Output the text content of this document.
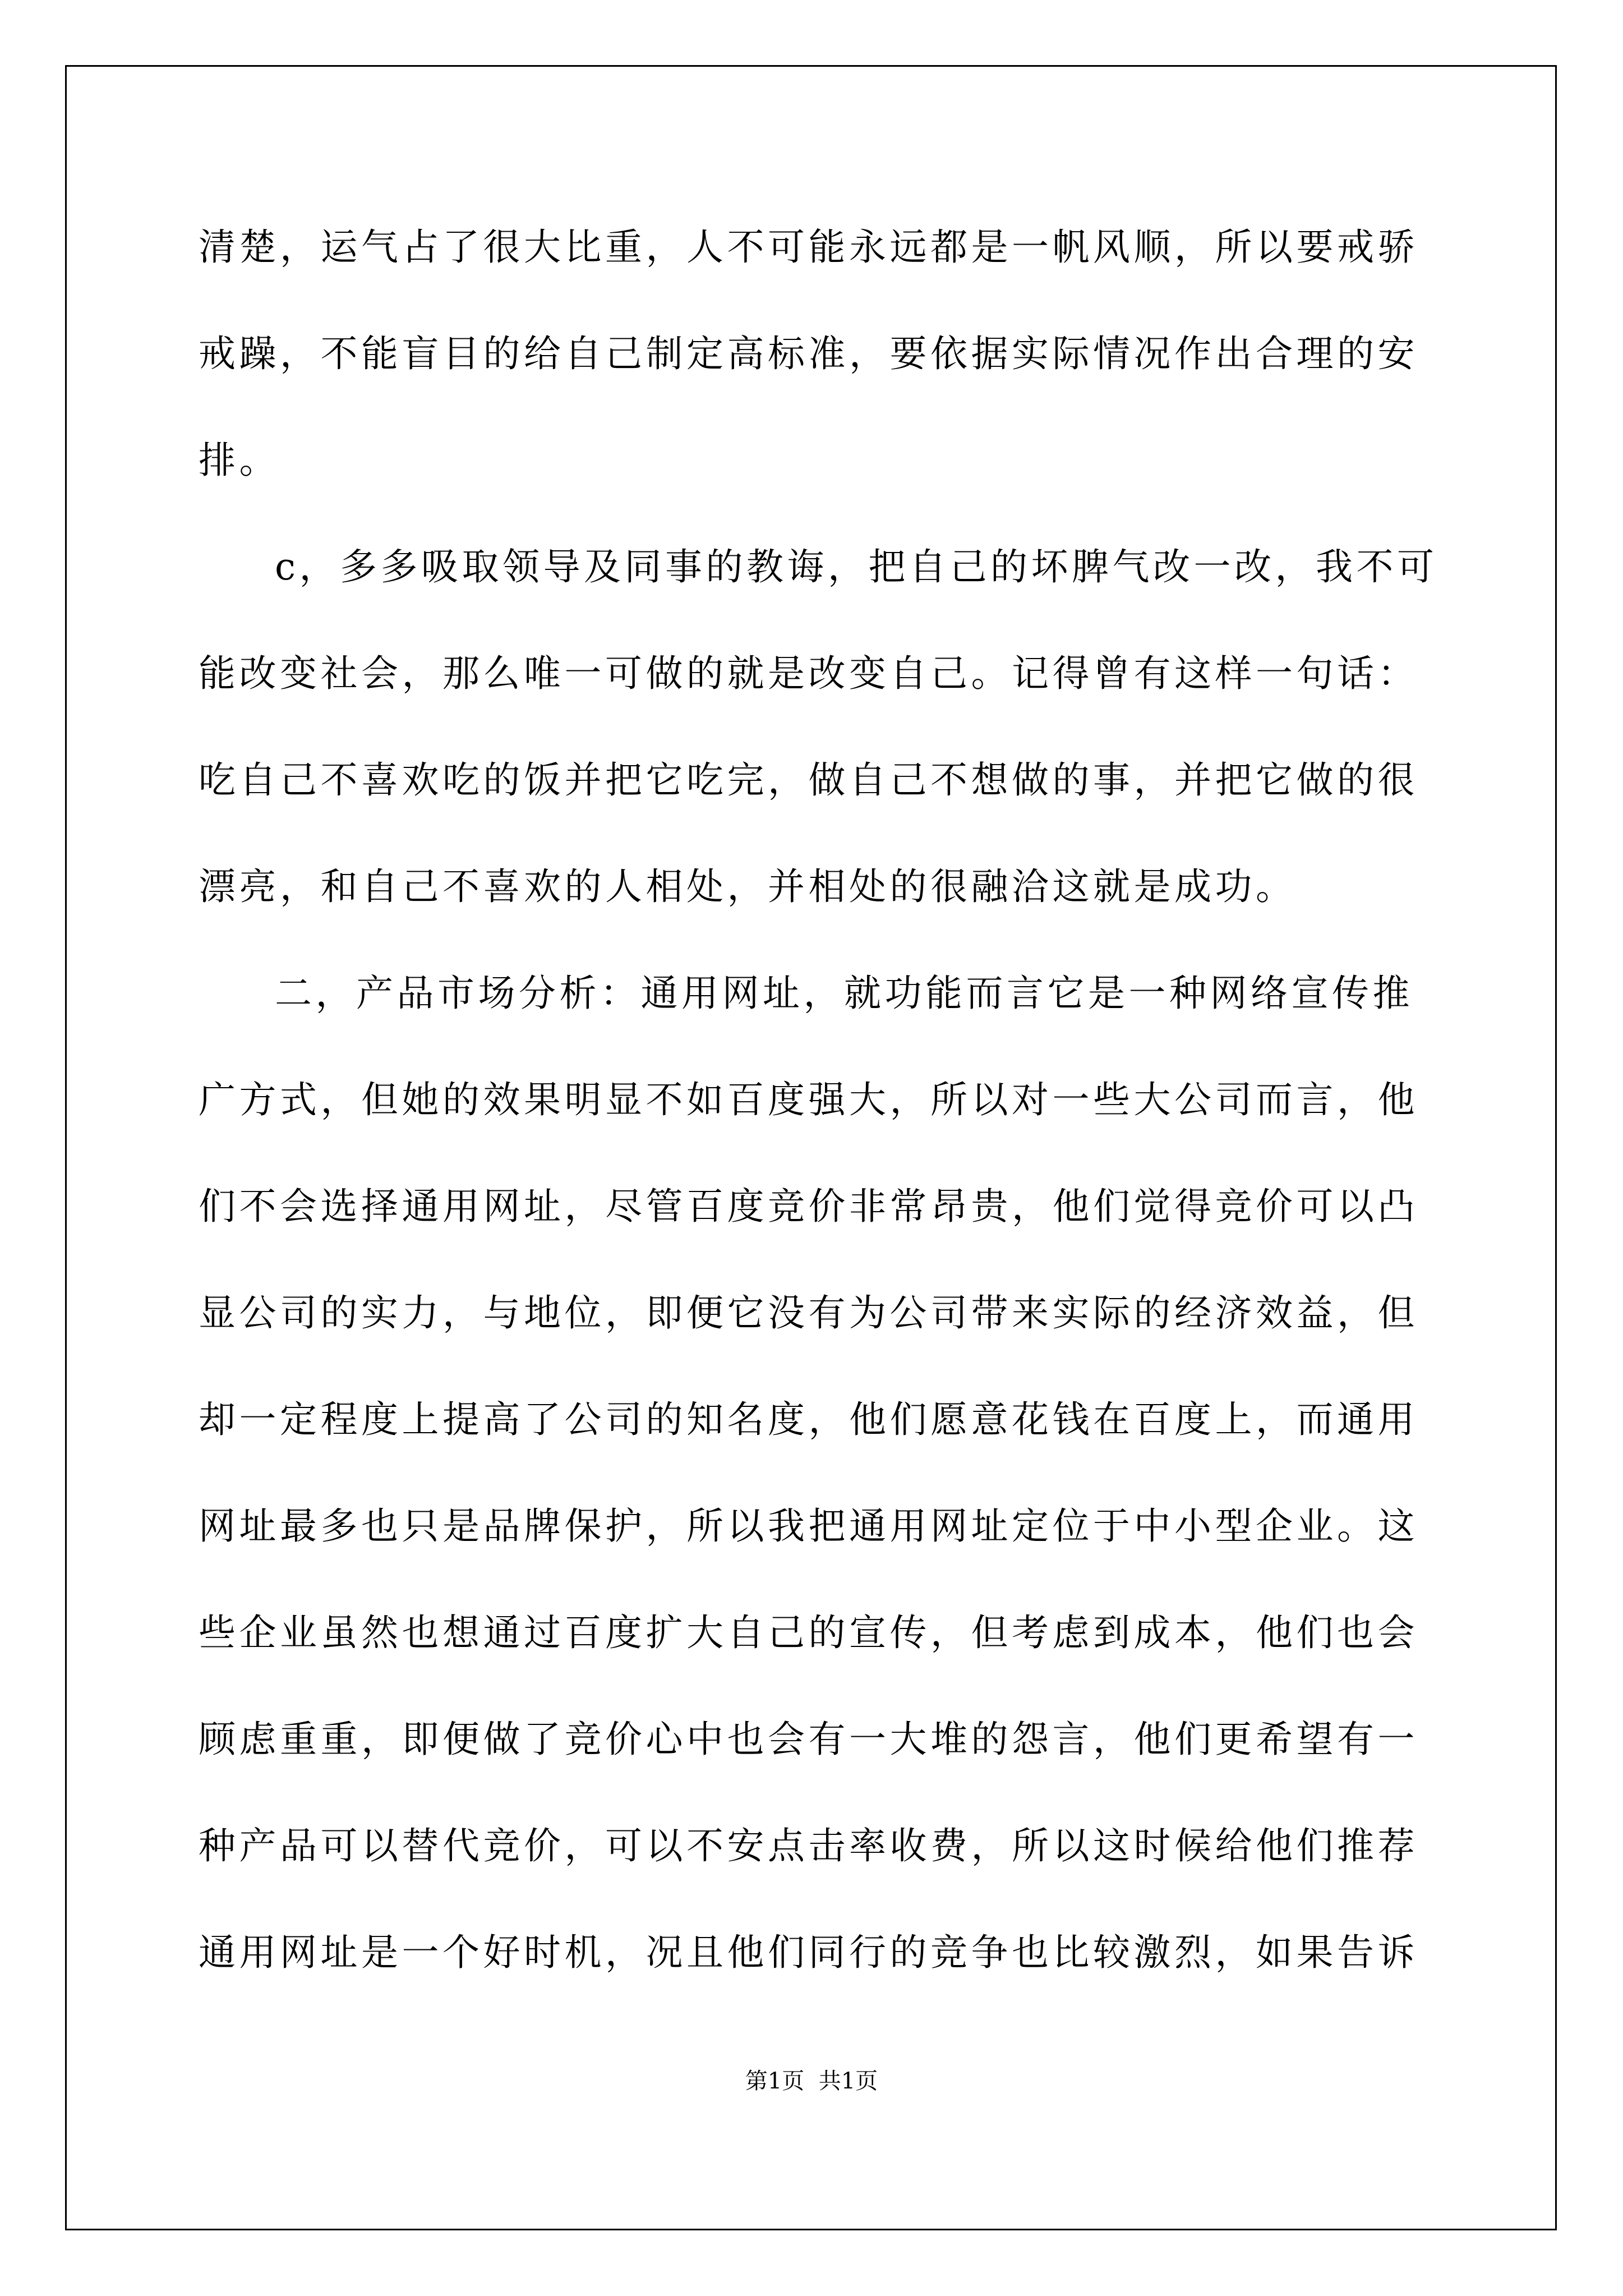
清楚，运气占了很大比重，人不可能永远都是一帆风顺，所以要戒骄
戒躁，不能盲目的给自己制定高标准，要依据实际情况作出合理的安
排。
c，多多吸取领导及同事的教诲，把自己的坏脾气改一改，我不可
能改变社会，那么唯一可做的就是改变自己。记得曾有这样一句话：
吃自己不喜欢吃的饭并把它吃完，做自己不想做的事，并把它做的很
漂亮，和自己不喜欢的人相处，并相处的很融洽这就是成功。
二，产品市场分析：通用网址，就功能而言它是一种网络宣传推
广方式，但她的效果明显不如百度强大，所以对一些大公司而言，他
们不会选择通用网址，尽管百度竞价非常昂贵，他们觉得竞价可以凸
显公司的实力，与地位，即便它没有为公司带来实际的经济效益，但
却一定程度上提高了公司的知名度，他们愿意花钱在百度上，而通用
网址最多也只是品牌保护，所以我把通用网址定位于中小型企业。这
些企业虽然也想通过百度扩大自己的宣传，但考虑到成本，他们也会
顾虑重重，即便做了竞价心中也会有一大堆的怨言，他们更希望有一
种产品可以替代竞价，可以不安点击率收费，所以这时候给他们推荐
通用网址是一个好时机，况且他们同行的竞争也比较激烈，如果告诉
第1页  共1页
